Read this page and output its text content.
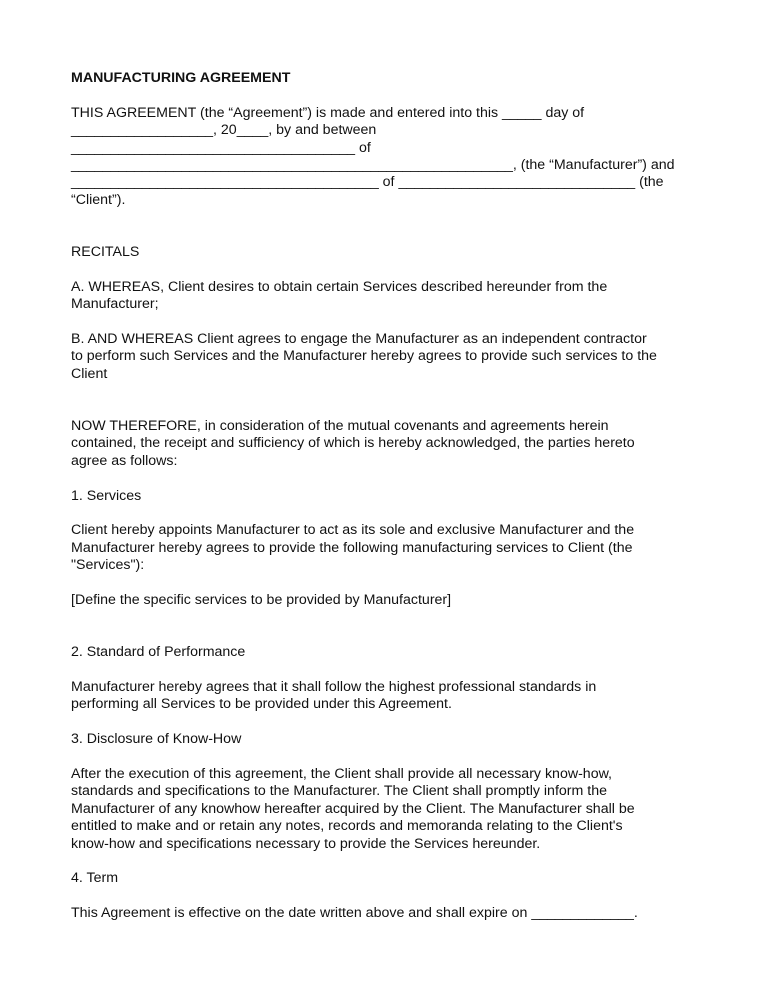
MANUFACTURING AGREEMENT

THIS AGREEMENT (the “Agreement”) is made and entered into this _____ day of
__________________, 20____, by and between
____________________________________ of
________________________________________________________, (the “Manufacturer”) and
_______________________________________ of ______________________________ (the
“Client”).

RECITALS

A. WHEREAS, Client desires to obtain certain Services described hereunder from the
Manufacturer;
B. AND WHEREAS Client agrees to engage the Manufacturer as an independent contractor
to perform such Services and the Manufacturer hereby agrees to provide such services to the
Client
NOW THEREFORE, in consideration of the mutual covenants and agreements herein
contained, the receipt and sufficiency of which is hereby acknowledged, the parties hereto
agree as follows:

1. Services

Client hereby appoints Manufacturer to act as its sole and exclusive Manufacturer and the
Manufacturer hereby agrees to provide the following manufacturing services to Client (the
"Services"):

[Define the specific services to be provided by Manufacturer]

2. Standard of Performance

Manufacturer hereby agrees that it shall follow the highest professional standards in
performing all Services to be provided under this Agreement.

3. Disclosure of Know-How

After the execution of this agreement, the Client shall provide all necessary know-how,
standards and specifications to the Manufacturer. The Client shall promptly inform the
Manufacturer of any knowhow hereafter acquired by the Client. The Manufacturer shall be
entitled to make and or retain any notes, records and memoranda relating to the Client's
know-how and specifications necessary to provide the Services hereunder.

4. Term

This Agreement is effective on the date written above and shall expire on _____________.
